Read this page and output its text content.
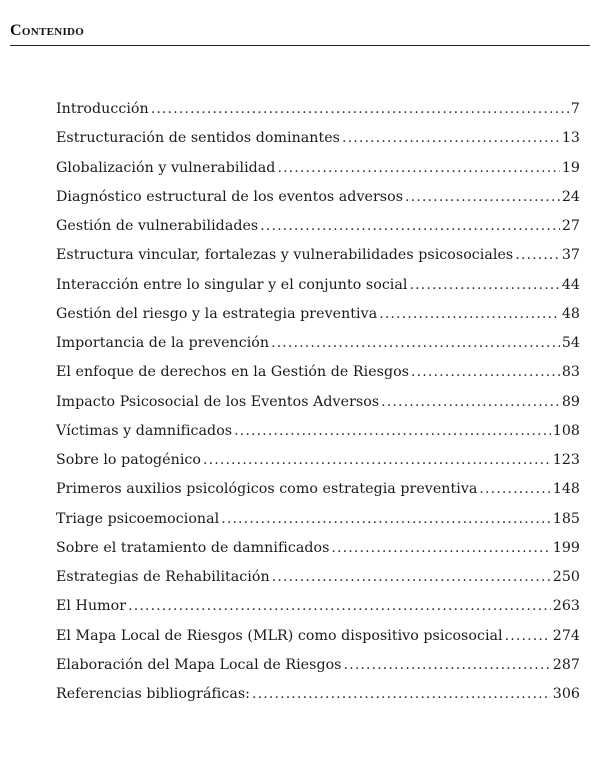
Contenido
Introducción .....	7
Estructuración de sentidos dominantes .....	13
Globalización y vulnerabilidad .....	19
Diagnóstico estructural de los eventos adversos .....	24
Gestión de vulnerabilidades .....	27
Estructura vincular, fortalezas y vulnerabilidades psicosociales .....	37
Interacción entre lo singular y el conjunto social .....	44
Gestión del riesgo y la estrategia preventiva .....	48
Importancia de la prevención .....	54
El enfoque de derechos en la Gestión de Riesgos .....	83
Impacto Psicosocial de los Eventos Adversos .....	89
Víctimas y damnificados .....	108
Sobre lo patogénico .....	123
Primeros auxilios psicológicos como estrategia preventiva .....	148
Triage psicoemocional .....	185
Sobre el tratamiento de damnificados .....	199
Estrategias de Rehabilitación .....	250
El Humor .....	263
El Mapa Local de Riesgos (MLR) como dispositivo psicosocial .....	274
Elaboración del Mapa Local de Riesgos .....	287
Referencias bibliográficas: .....	306
